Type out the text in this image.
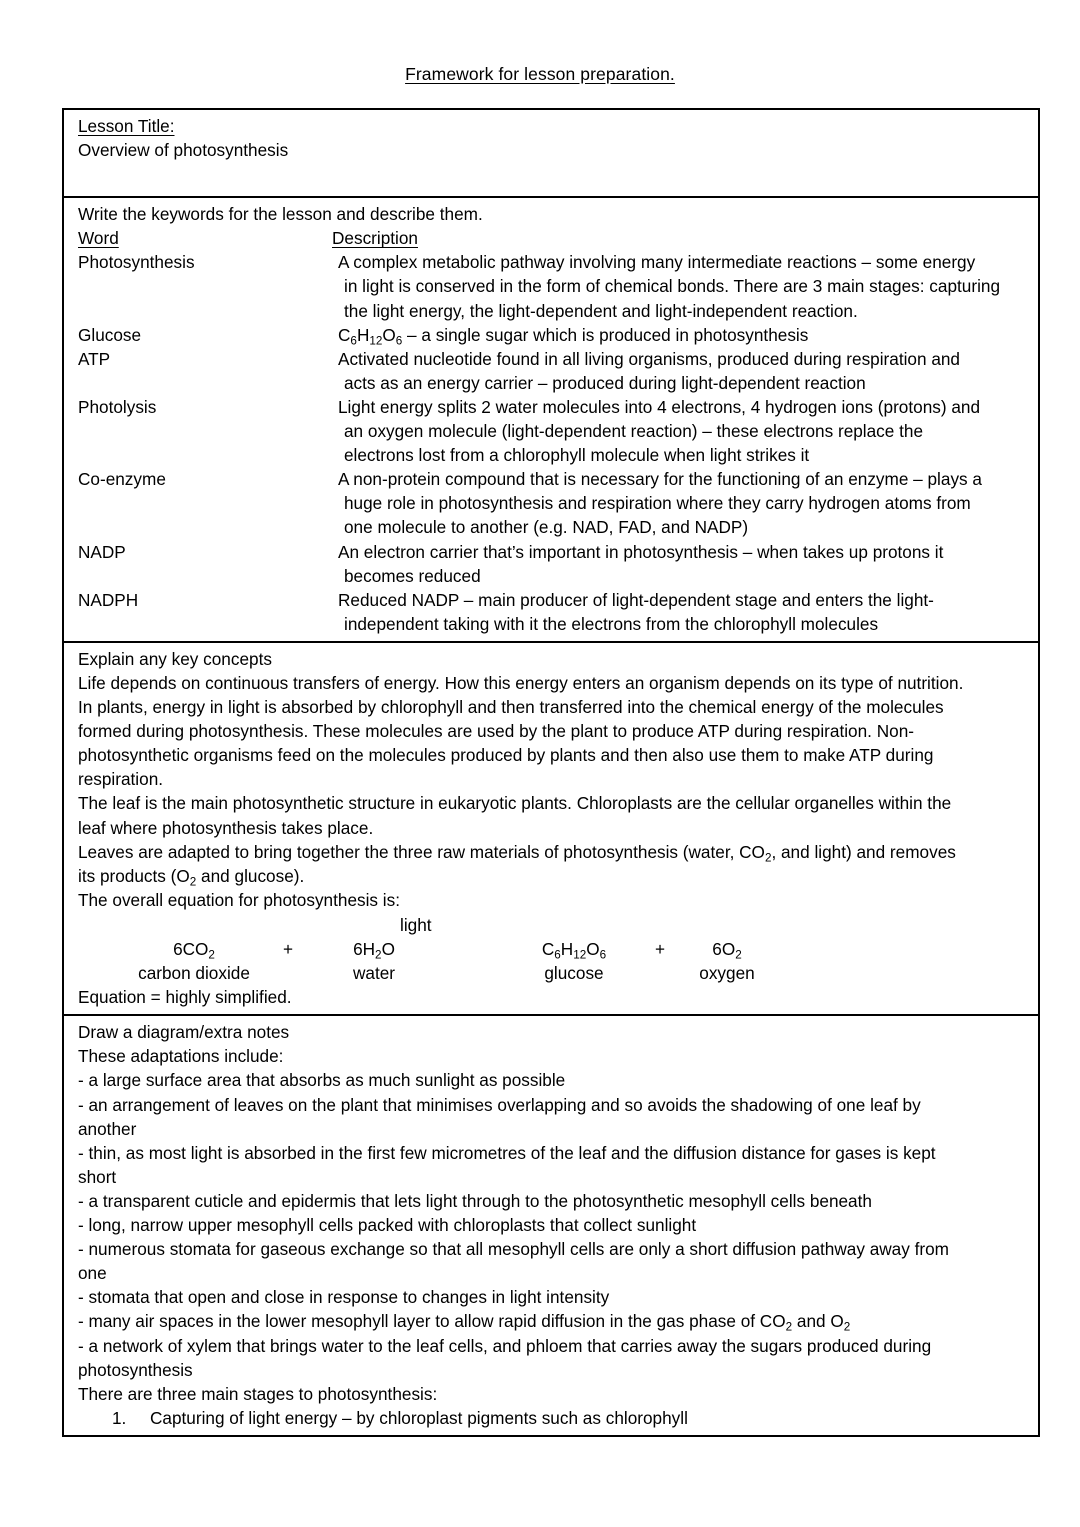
Framework for lesson preparation.
Lesson Title:
Overview of photosynthesis
Write the keywords for the lesson and describe them.
Word	Description
Photosynthesis	A complex metabolic pathway involving many intermediate reactions – some energy
in light is conserved in the form of chemical bonds. There are 3 main stages: capturing
the light energy, the light-dependent and light-independent reaction.
Glucose	$C_6H_{12}O_6$ – a single sugar which is produced in photosynthesis
ATP	Activated nucleotide found in all living organisms, produced during respiration and
acts as an energy carrier – produced during light-dependent reaction
Photolysis	Light energy splits 2 water molecules into 4 electrons, 4 hydrogen ions (protons) and
an oxygen molecule (light-dependent reaction) – these electrons replace the
electrons lost from a chlorophyll molecule when light strikes it
Co-enzyme	A non-protein compound that is necessary for the functioning of an enzyme – plays a
huge role in photosynthesis and respiration where they carry hydrogen atoms from
one molecule to another (e.g. NAD, FAD, and NADP)
NADP	An electron carrier that’s important in photosynthesis – when takes up protons it
becomes reduced
NADPH	Reduced NADP – main producer of light-dependent stage and enters the light-
independent taking with it the electrons from the chlorophyll molecules
Explain any key concepts
Life depends on continuous transfers of energy. How this energy enters an organism depends on its type of nutrition.
In plants, energy in light is absorbed by chlorophyll and then transferred into the chemical energy of the molecules
formed during photosynthesis. These molecules are used by the plant to produce ATP during respiration. Non-
photosynthetic organisms feed on the molecules produced by plants and then also use them to make ATP during
respiration.
The leaf is the main photosynthetic structure in eukaryotic plants. Chloroplasts are the cellular organelles within the
leaf where photosynthesis takes place.
Leaves are adapted to bring together the three raw materials of photosynthesis (water, $CO_2$, and light) and removes
its products ($O_2$ and glucose).
The overall equation for photosynthesis is:
light
$6CO_2$	+	$6H_2O$	$C_6H_{12}O_6$	+	$6O_2$
carbon dioxide	water	glucose	oxygen
Equation = highly simplified.
Draw a diagram/extra notes
These adaptations include:
- a large surface area that absorbs as much sunlight as possible
- an arrangement of leaves on the plant that minimises overlapping and so avoids the shadowing of one leaf by
another
- thin, as most light is absorbed in the first few micrometres of the leaf and the diffusion distance for gases is kept
short
- a transparent cuticle and epidermis that lets light through to the photosynthetic mesophyll cells beneath
- long, narrow upper mesophyll cells packed with chloroplasts that collect sunlight
- numerous stomata for gaseous exchange so that all mesophyll cells are only a short diffusion pathway away from
one
- stomata that open and close in response to changes in light intensity
- many air spaces in the lower mesophyll layer to allow rapid diffusion in the gas phase of $CO_2$ and $O_2$
- a network of xylem that brings water to the leaf cells, and phloem that carries away the sugars produced during
photosynthesis
There are three main stages to photosynthesis:
1.	Capturing of light energy – by chloroplast pigments such as chlorophyll
